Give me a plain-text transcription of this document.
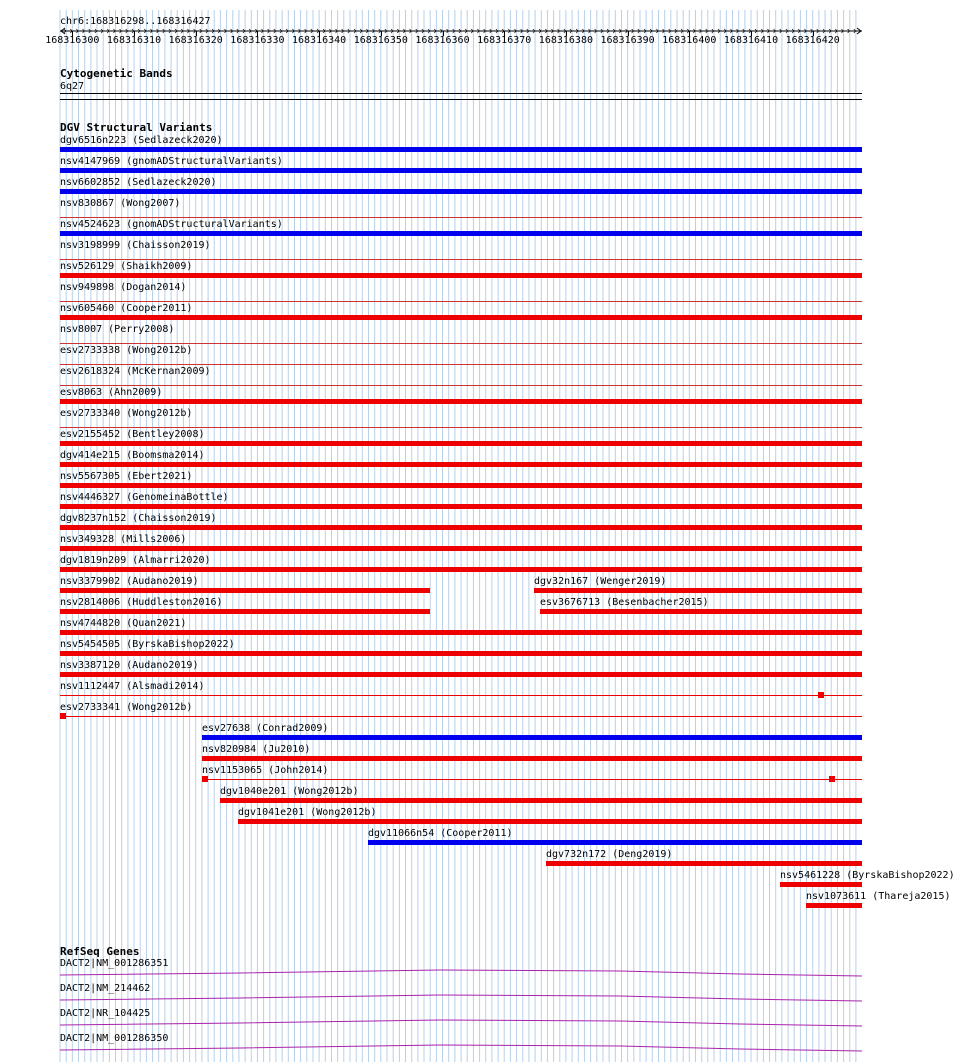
chr6:168316298..168316427
168316300 168316310 168316320 168316330 168316340 168316350 168316360 168316370 168316380 168316390 168316400 168316410 168316420
Cytogenetic Bands
6q27
DGV Structural Variants
dgv6516n223 (Sedlazeck2020)
nsv4147969 (gnomADStructuralVariants)
nsv6602852 (Sedlazeck2020)
nsv830867 (Wong2007)
nsv4524623 (gnomADStructuralVariants)
nsv3198999 (Chaisson2019)
nsv526129 (Shaikh2009)
nsv949898 (Dogan2014)
nsv605460 (Cooper2011)
nsv8007 (Perry2008)
esv2733338 (Wong2012b)
esv2618324 (McKernan2009)
esv8063 (Ahn2009)
esv2733340 (Wong2012b)
esv2155452 (Bentley2008)
dgv414e215 (Boomsma2014)
nsv5567305 (Ebert2021)
nsv4446327 (GenomeinaBottle)
dgv8237n152 (Chaisson2019)
nsv349328 (Mills2006)
dgv1819n209 (Almarri2020)
nsv5454505 (ByrskaBishop2022)
nsv3387120 (Audano2019)
nsv3379902 (Audano2019)	dgv32n167 (Wenger2019)
nsv2814006 (Huddleston2016)	esv3676713 (Besenbacher2015)
nsv4744820 (Quan2021)
nsv1112447 (Alsmadi2014)
esv2733341 (Wong2012b)
esv27638 (Conrad2009)
nsv820984 (Ju2010)
nsv1153065 (John2014)
dgv1040e201 (Wong2012b)
dgv1041e201 (Wong2012b)
dgv11066n54 (Cooper2011)
dgv732n172 (Deng2019)
nsv5461228 (ByrskaBishop2022)
nsv1073611 (Thareja2015)
RefSeq Genes
DACT2|NM_001286351
DACT2|NM_214462
DACT2|NR_104425
DACT2|NM_001286350
